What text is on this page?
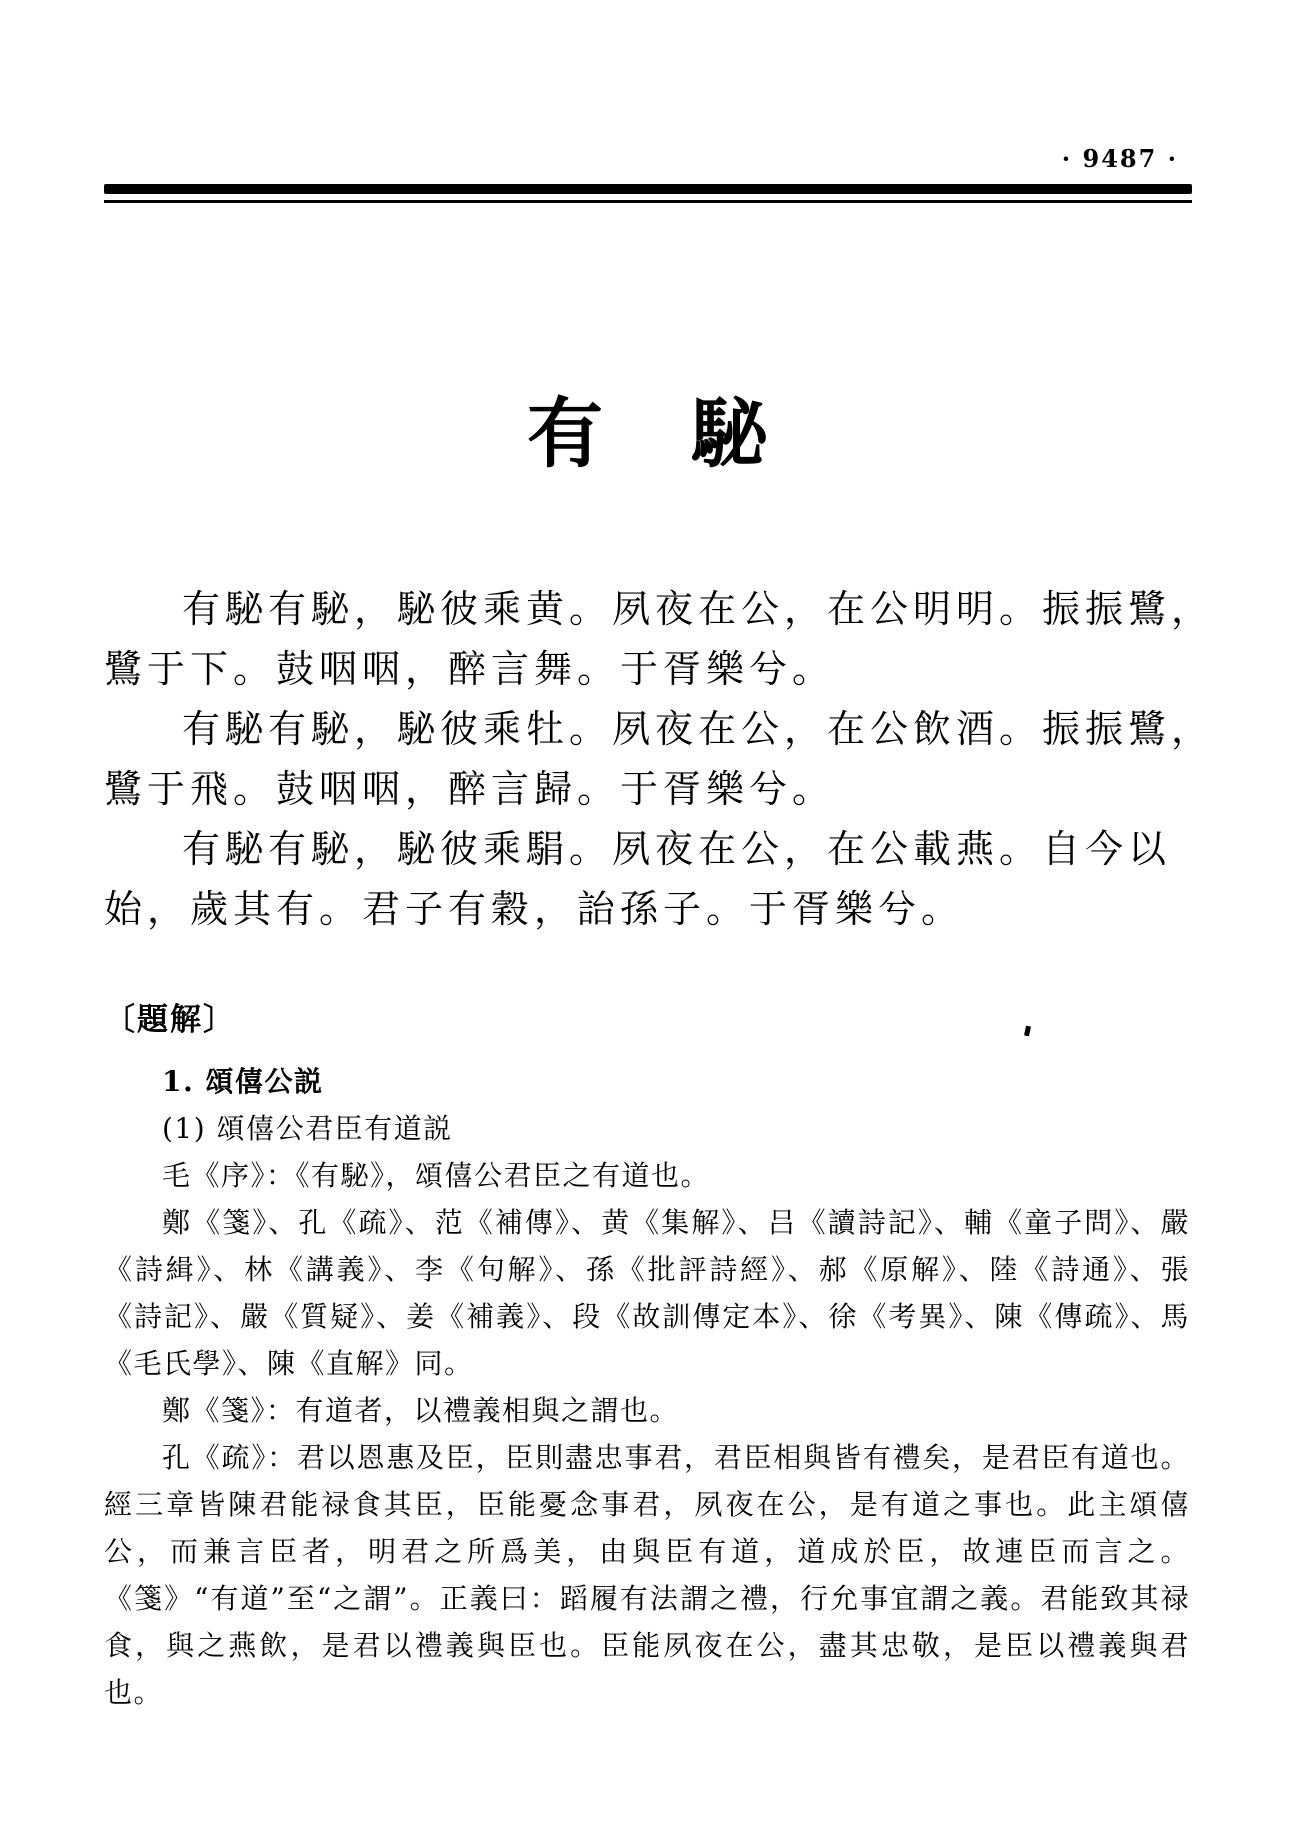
· 9487 ·
有 駜
有駜有駜，駜彼乘黄。夙夜在公，在公明明。振振鷺，
鷺于下。鼓咽咽，醉言舞。于胥樂兮。
有駜有駜，駜彼乘牡。夙夜在公，在公飲酒。振振鷺，
鷺于飛。鼓咽咽，醉言歸。于胥樂兮。
有駜有駜，駜彼乘駽。夙夜在公，在公載燕。自今以
始，歲其有。君子有穀，詒孫子。于胥樂兮。
〔題解〕

1. 頌僖公説

(1) 頌僖公君臣有道説

毛《序》：《有駜》，頌僖公君臣之有道也。

鄭《箋》、孔《疏》、范《補傳》、黄《集解》、吕《讀詩記》、輔《童子問》、嚴《詩緝》、林《講義》、李《句解》、孫《批評詩經》、郝《原解》、陸《詩通》、張《詩記》、嚴《質疑》、姜《補義》、段《故訓傳定本》、徐《考異》、陳《傳疏》、馬《毛氏學》、陳《直解》同。

鄭《箋》：有道者，以禮義相與之謂也。

孔《疏》：君以恩惠及臣，臣則盡忠事君，君臣相與皆有禮矣，是君臣有道也。經三章皆陳君能禄食其臣，臣能憂念事君，夙夜在公，是有道之事也。此主頌僖公，而兼言臣者，明君之所爲美，由與臣有道，道成於臣，故連臣而言之。《箋》“有道”至“之謂”。正義曰：蹈履有法謂之禮，行允事宜謂之義。君能致其禄食，與之燕飲，是君以禮義與臣也。臣能夙夜在公，盡其忠敬，是臣以禮義與君也。
